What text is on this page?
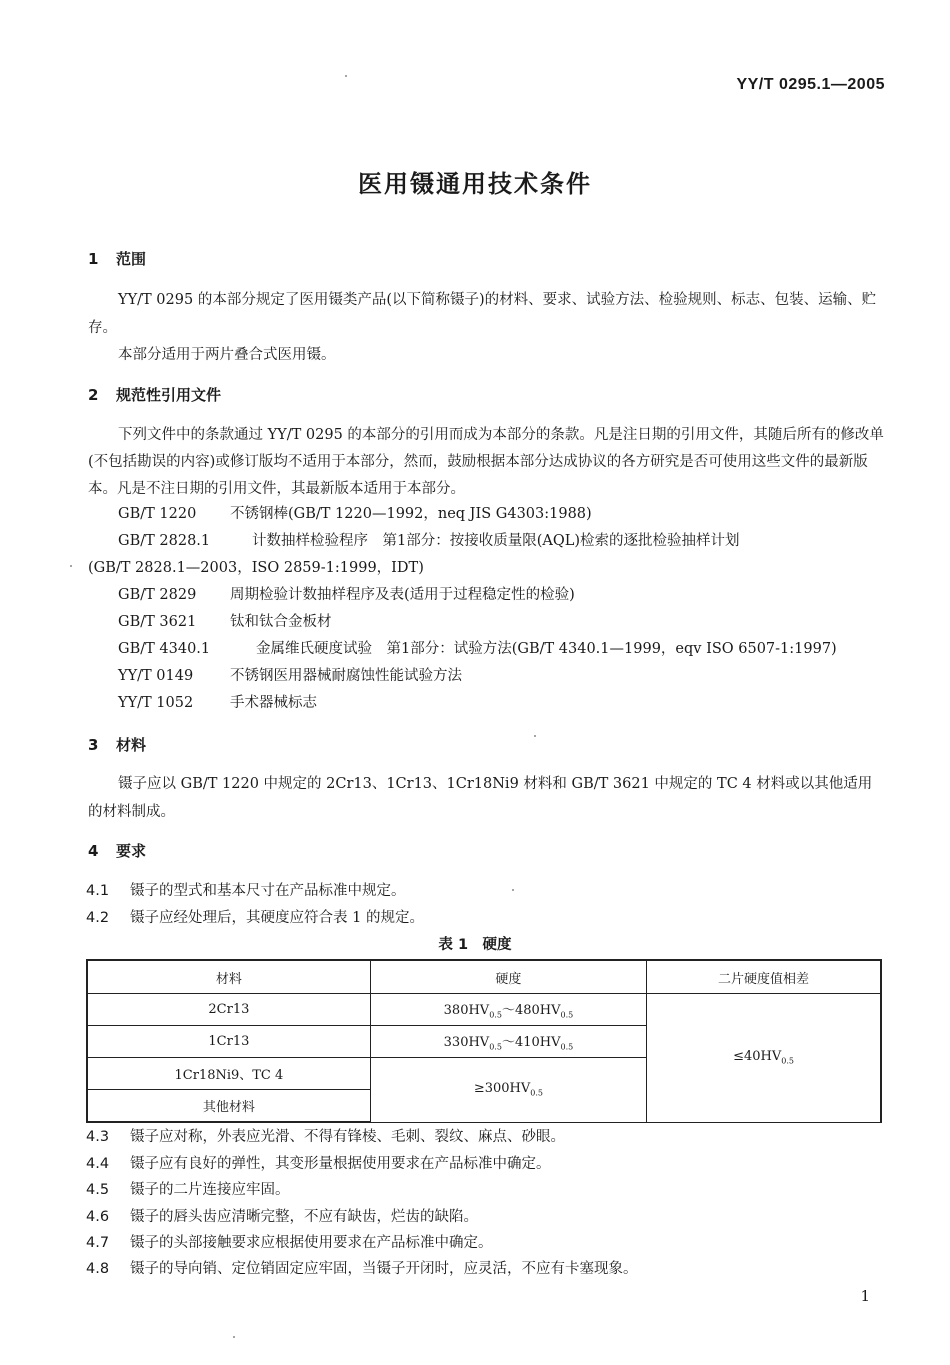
YY/T 0295.1—2005
医用镊通用技术条件
1 范围
YY/T 0295 的本部分规定了医用镊类产品(以下简称镊子)的材料、要求、试验方法、检验规则、标志、包装、运输、贮存。
本部分适用于两片叠合式医用镊。
2 规范性引用文件
下列文件中的条款通过 YY/T 0295 的本部分的引用而成为本部分的条款。凡是注日期的引用文件，其随后所有的修改单(不包括勘误的内容)或修订版均不适用于本部分，然而，鼓励根据本部分达成协议的各方研究是否可使用这些文件的最新版本。凡是不注日期的引用文件，其最新版本适用于本部分。
GB/T 1220 不锈钢棒(GB/T 1220—1992，neq JIS G4303:1988)
GB/T 2828.1	计数抽样检验程序　第1部分：按接收质量限(AQL)检索的逐批检验抽样计划
(GB/T 2828.1—2003，ISO 2859-1:1999，IDT)
GB/T 2829 周期检验计数抽样程序及表(适用于过程稳定性的检验)
GB/T 3621 钛和钛合金板材
GB/T 4340.1	金属维氏硬度试验　第1部分：试验方法(GB/T 4340.1—1999，eqv ISO 6507-1:1997)
YY/T 0149	不锈钢医用器械耐腐蚀性能试验方法
YY/T 1052	手术器械标志
3 材料
镊子应以 GB/T 1220 中规定的 2Cr13、1Cr13、1Cr18Ni9 材料和 GB/T 3621 中规定的 TC 4 材料或以其他适用的材料制成。
4 要求
4.1 镊子的型式和基本尺寸在产品标准中规定。
4.2 镊子应经处理后，其硬度应符合表 1 的规定。
表 1　硬度
材料	硬度	二片硬度值相差
2Cr13	$380HV_{0.5}\sim 480HV_{0.5}$	$\le 40HV_{0.5}$
1Cr13	$330HV_{0.5}\sim 410HV_{0.5}$
1Cr18Ni9、TC 4	$\ge 300HV_{0.5}$
其他材料		
4.3 镊子应对称，外表应光滑、不得有锋棱、毛刺、裂纹、麻点、砂眼。
4.4 镊子应有良好的弹性，其变形量根据使用要求在产品标准中确定。
4.5 镊子的二片连接应牢固。
4.6 镊子的唇头齿应清晰完整，不应有缺齿，烂齿的缺陷。
4.7 镊子的头部接触要求应根据使用要求在产品标准中确定。
4.8 镊子的导向销、定位销固定应牢固，当镊子开闭时，应灵活，不应有卡塞现象。
1
